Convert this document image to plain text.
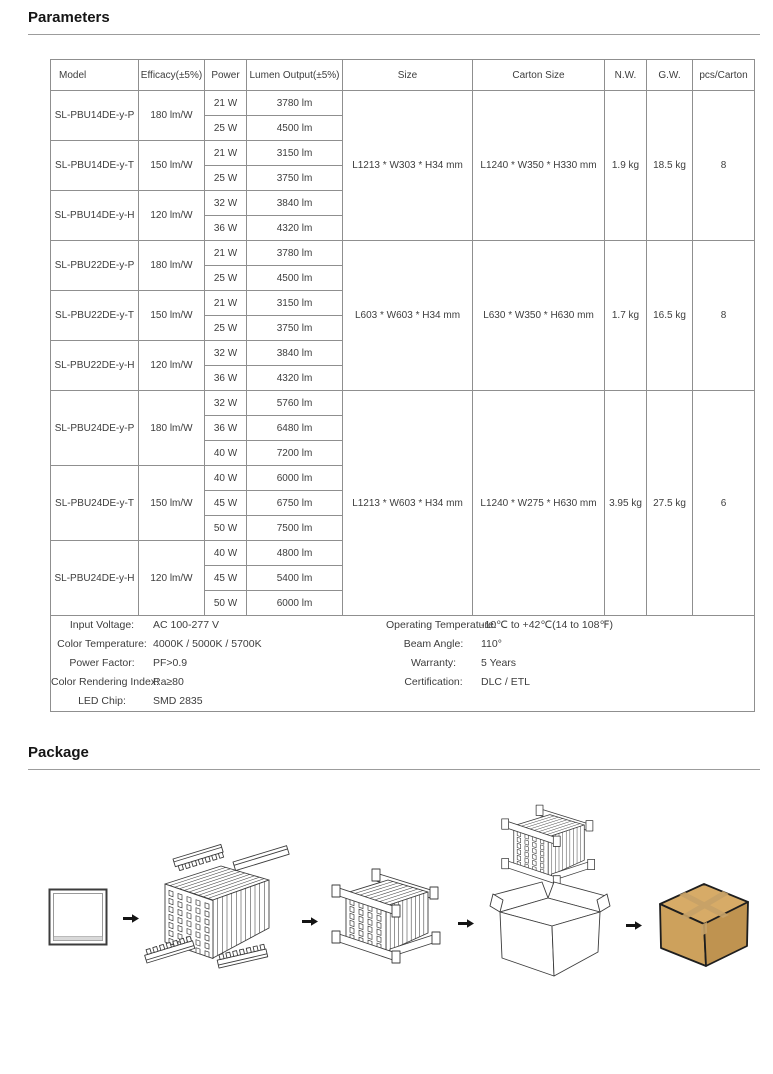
Parameters
Model	Efficacy(±5%)	Power	Lumen Output(±5%)	Size	Carton Size	N.W.	G.W.	pcs/Carton
SL-PBU14DE-y-P	180 lm/W	21 W	3780 lm	L1213 * W303 * H34 mm	L1240 * W350 * H330 mm	1.9 kg	18.5 kg	8
		25 W	4500 lm					
SL-PBU14DE-y-T	150 lm/W	21 W	3150 lm					
		25 W	3750 lm					
SL-PBU14DE-y-H	120 lm/W	32 W	3840 lm					
		36 W	4320 lm					
SL-PBU22DE-y-P	180 lm/W	21 W	3780 lm	L603 * W603 * H34 mm	L630 * W350 * H630 mm	1.7 kg	16.5 kg	8
		25 W	4500 lm					
SL-PBU22DE-y-T	150 lm/W	21 W	3150 lm					
		25 W	3750 lm					
SL-PBU22DE-y-H	120 lm/W	32 W	3840 lm					
		36 W	4320 lm					
SL-PBU24DE-y-P	180 lm/W	32 W	5760 lm	L1213 * W603 * H34 mm	L1240 * W275 * H630 mm	3.95 kg	27.5 kg	6
		36 W	6480 lm					
		40 W	7200 lm					
SL-PBU24DE-y-T	150 lm/W	40 W	6000 lm					
		45 W	6750 lm					
		50 W	7500 lm					
SL-PBU24DE-y-H	120 lm/W	40 W	4800 lm					
		45 W	5400 lm					
		50 W	6000 lm					

Input Voltage:	AC 100-277 V
Color Temperature: 4000K / 5000K / 5700K
Power Factor:	PF>0.9
Color Rendering Index:
Ra≥80
LED Chip:	SMD 2835
Operating Temperature:
-10℃ to +42℃(14 to 108℉)
Beam Angle:	110°
Warranty:	5 Years
Certification:	DLC / ETL
Package
